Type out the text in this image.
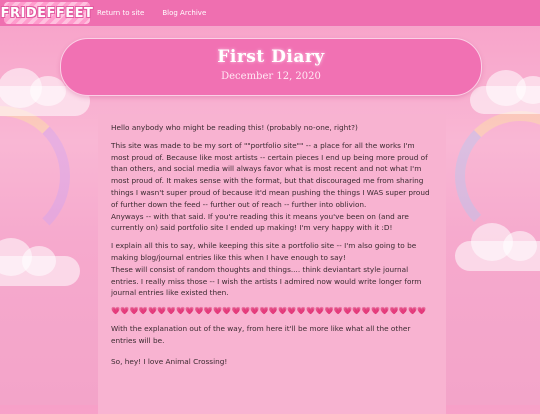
FRIDEFFEET Return to site	Blog Archive
First Diary
December 12, 2020

Hello anybody who might be reading this! (probably no-one, right?)

This site was made to be my sort of ""portfolio site"" -- a place for all the works I'm most proud of. Because like most artists -- certain pieces I end up being more proud of than others, and social media will always favor what is most recent and not what I'm most proud of. It makes sense with the format, but that discouraged me from sharing things I wasn't super proud of because it'd mean pushing the things I WAS super proud of further down the feed -- further out of reach -- further into oblivion.

Anyways -- with that said. If you're reading this it means you've been on (and are currently on) said portfolio site I ended up making! I'm very happy with it :D!

I explain all this to say, while keeping this site a portfolio site -- I'm also going to be making blog/journal entries like this when I have enough to say!

These will consist of random thoughts and things.... think deviantart style journal entries. I really miss those -- I wish the artists I admired now would write longer form journal entries like existed then.

💗💗💗💗💗💗💗💗💗💗💗💗💗💗💗💗💗💗💗💗💗💗💗💗💗💗💗💗💗💗💗💗💗💗

With the explanation out of the way, from here it'll be more like what all the other entries will be.

So, hey! I love Animal Crossing!
